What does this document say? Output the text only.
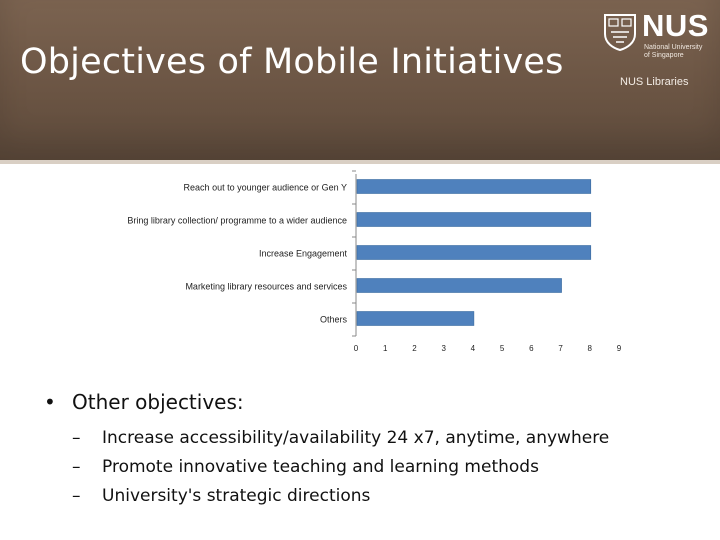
Objectives of Mobile Initiatives
NUS
National University
of Singapore
NUS Libraries
Reach out to younger audience or Gen Y
Bring library collection/ programme to a wider audience
Increase Engagement
Marketing library resources and services
Others
0	1	2	3	4	5	6	7	8	9
• Other objectives:
– Increase accessibility/availability 24 x7, anytime, anywhere
– Promote innovative teaching and learning methods
– University's strategic directions
